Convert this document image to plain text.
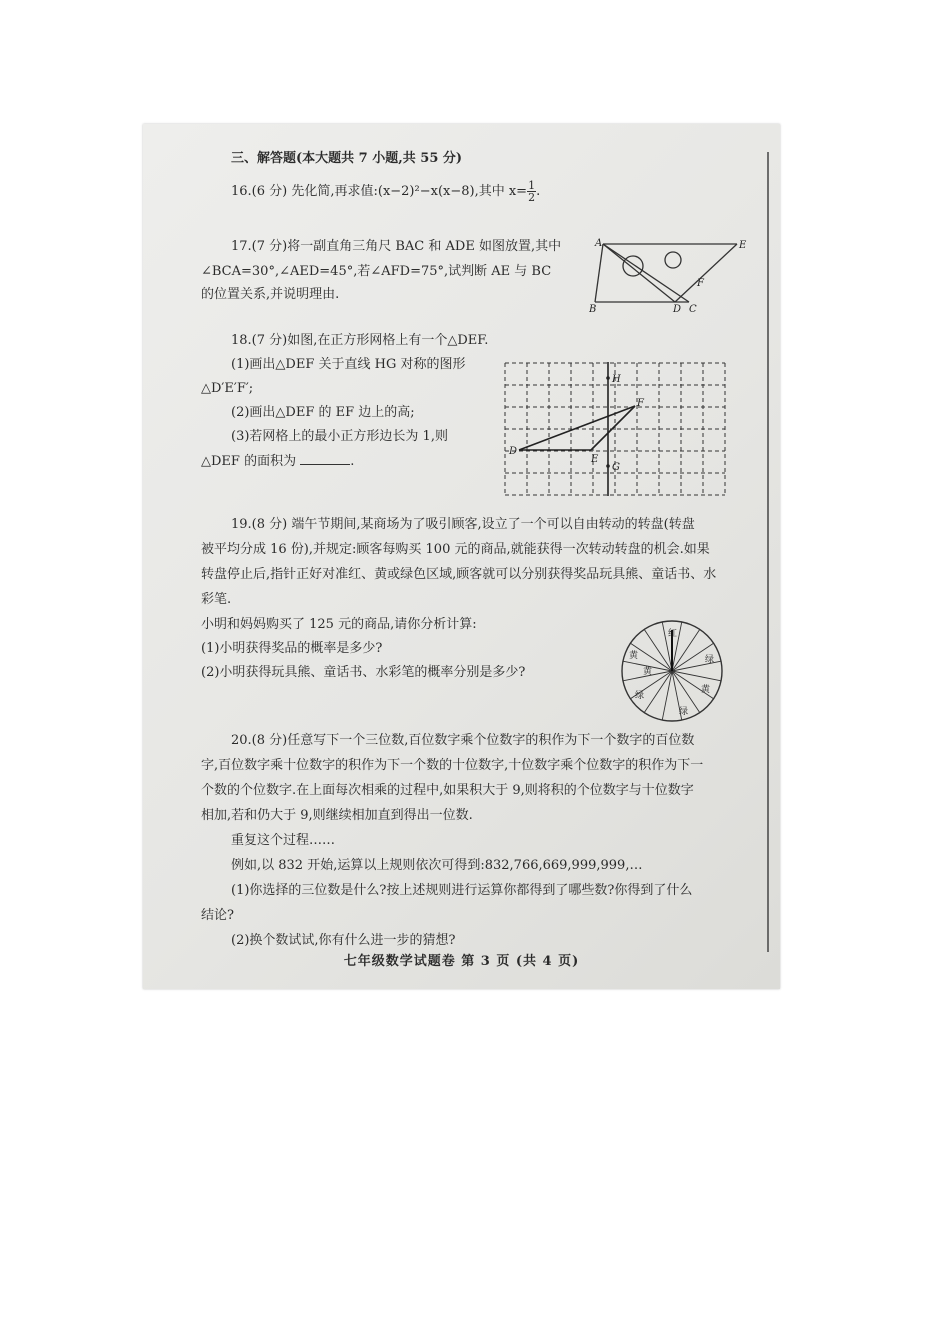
三、解答题(本大题共 7 小题,共 55 分)
16.(6 分) 先化简,再求值:(x−2)²−x(x−8),其中 $x= \frac{1}{2}$ .
17.(7 分)将一副直角三角尺 BAC 和 ADE 如图放置,其中
∠BCA=30°,∠AED=45°,若∠AFD=75°,试判断 AE 与 BC
的位置关系,并说明理由.
A	E
F
B	D C
18.(7 分)如图,在正方形网格上有一个△DEF.
(1)画出△DEF 关于直线 HG 对称的图形
△D′E′F′;
(2)画出△DEF 的 EF 边上的高;
(3)若网格上的最小正方形边长为 1,则
△DEF 的面积为	.
H
F
D
E
G
19.(8 分) 端午节期间,某商场为了吸引顾客,设立了一个可以自由转动的转盘(转盘
被平均分成 16 份),并规定:顾客每购买 100 元的商品,就能获得一次转动转盘的机会.如果
转盘停止后,指针正好对准红、黄或绿色区域,顾客就可以分别获得奖品玩具熊、童话书、水
彩笔.
小明和妈妈购买了 125 元的商品,请你分析计算:
(1)小明获得奖品的概率是多少?
(2)小明获得玩具熊、童话书、水彩笔的概率分别是多少?
红
黄	绿
黄
绿
黄
绿
20.(8 分)任意写下一个三位数,百位数字乘个位数字的积作为下一个数字的百位数
字,百位数字乘十位数字的积作为下一个数的十位数字,十位数字乘个位数字的积作为下一
个数的个位数字.在上面每次相乘的过程中,如果积大于 9,则将积的个位数字与十位数字
相加,若和仍大于 9,则继续相加直到得出一位数.
重复这个过程……
例如,以 832 开始,运算以上规则依次可得到:832,766,669,999,999,…
(1)你选择的三位数是什么?按上述规则进行运算你都得到了哪些数?你得到了什么
结论?
(2)换个数试试,你有什么进一步的猜想?
七年级数学试题卷 第 3 页 (共 4 页)
